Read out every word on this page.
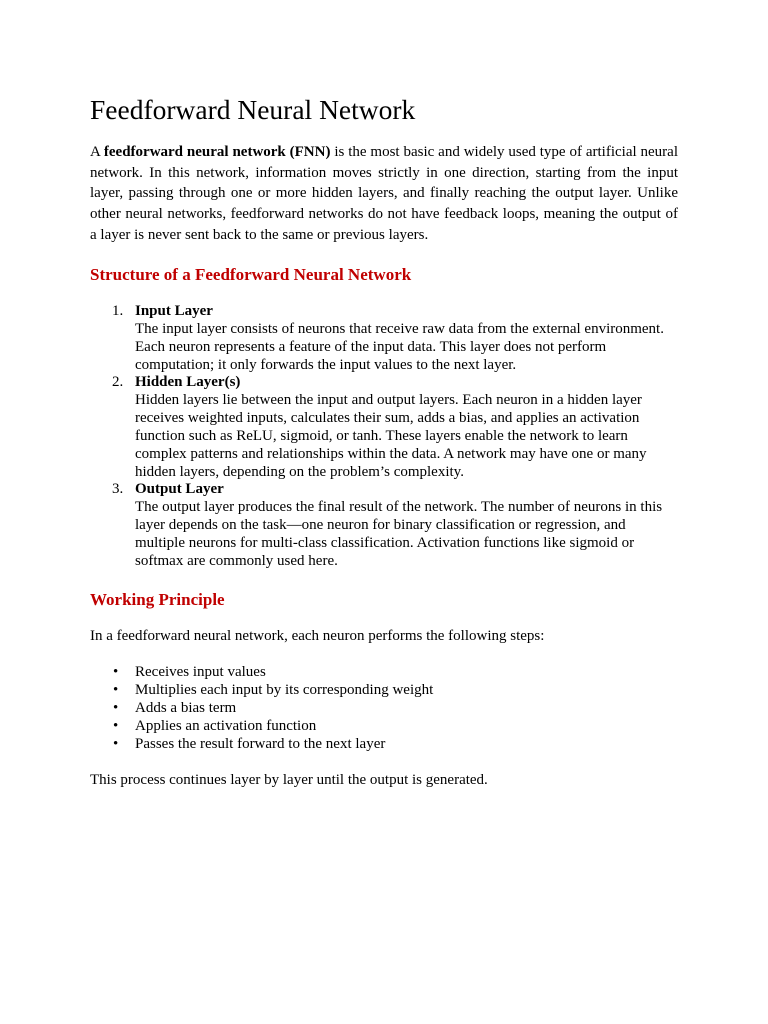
Feedforward Neural Network

A feedforward neural network (FNN) is the most basic and widely used type of artificial neural network. In this network, information moves strictly in one direction, starting from the input layer, passing through one or more hidden layers, and finally reaching the output layer. Unlike other neural networks, feedforward networks do not have feedback loops, meaning the output of a layer is never sent back to the same or previous layers.

Structure of a Feedforward Neural Network
1. Input Layer
The input layer consists of neurons that receive raw data from the external environment. Each neuron represents a feature of the input data. This layer does not perform computation; it only forwards the input values to the next layer.
2. Hidden Layer(s)
Hidden layers lie between the input and output layers. Each neuron in a hidden layer receives weighted inputs, calculates their sum, adds a bias, and applies an activation function such as ReLU, sigmoid, or tanh. These layers enable the network to learn complex patterns and relationships within the data. A network may have one or many hidden layers, depending on the problem’s complexity.
3. Output Layer
The output layer produces the final result of the network. The number of neurons in this layer depends on the task—one neuron for binary classification or regression, and multiple neurons for multi-class classification. Activation functions like sigmoid or softmax are commonly used here.
Working Principle

In a feedforward neural network, each neuron performs the following steps:

• Receives input values
• Multiplies each input by its corresponding weight
• Adds a bias term
• Applies an activation function
• Passes the result forward to the next layer

This process continues layer by layer until the output is generated.
